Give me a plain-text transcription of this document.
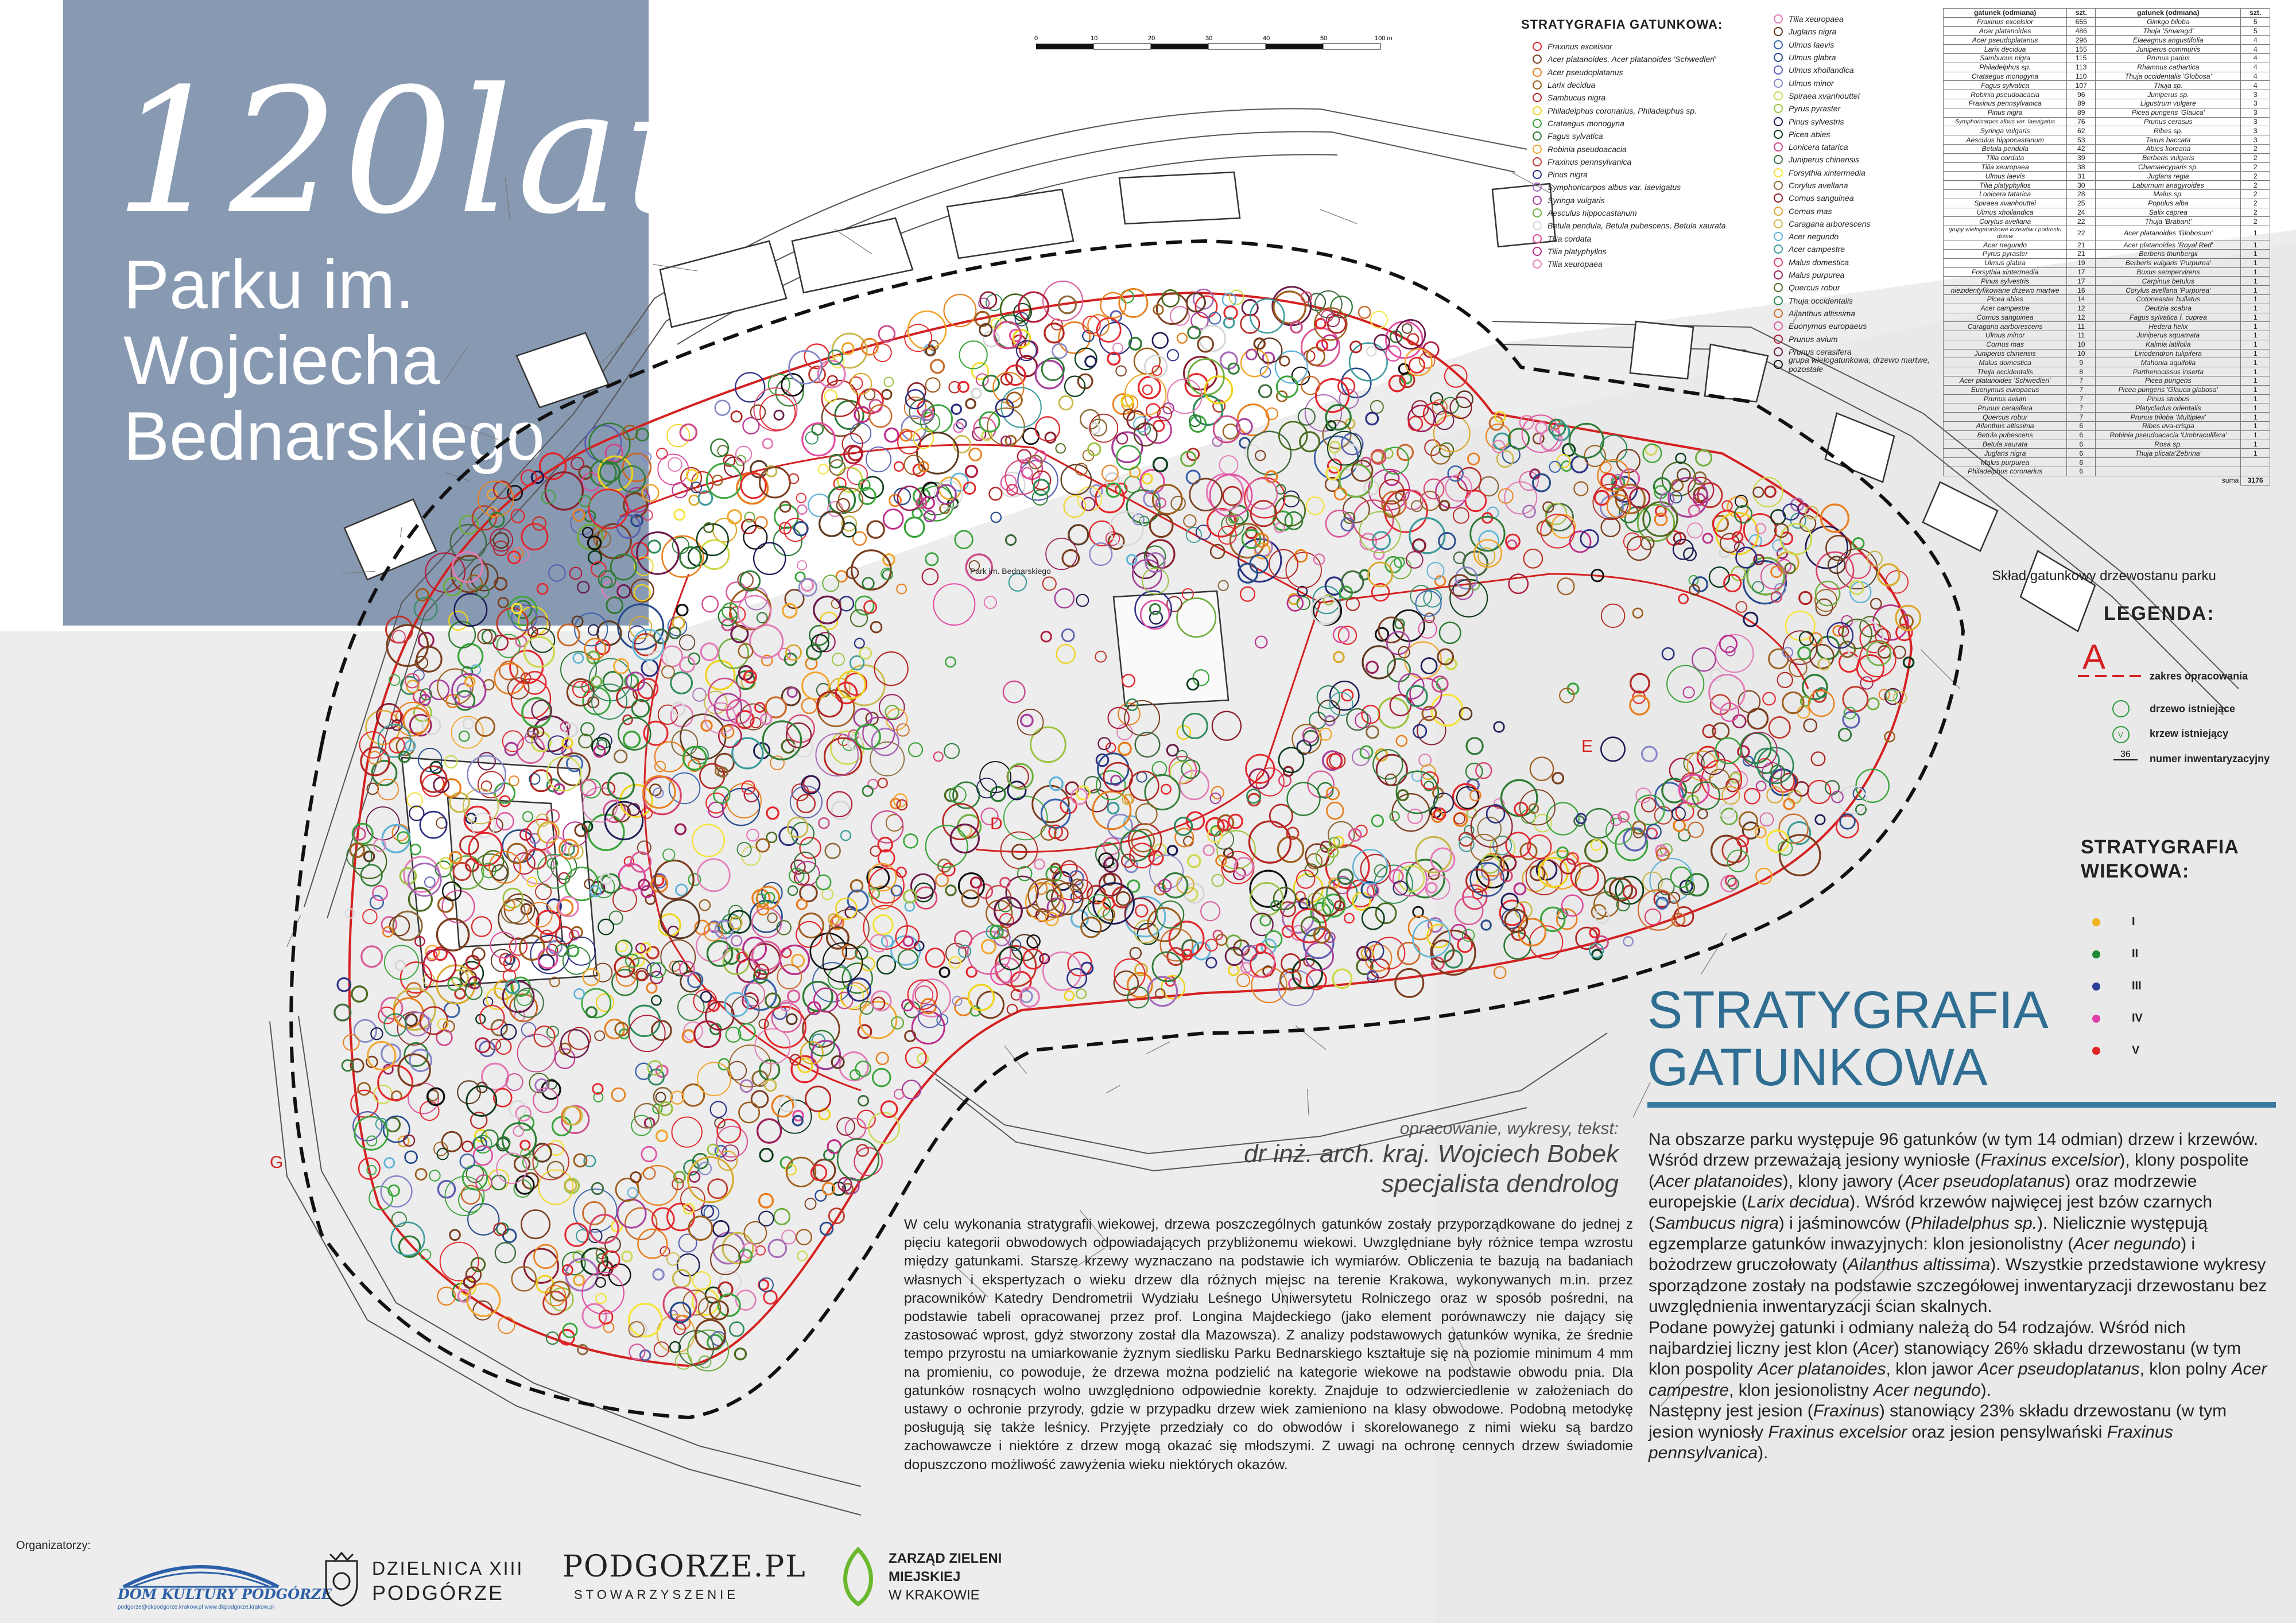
120lat
Parku im.
Wojciecha
Bednarskiego
D
E
G
Park im. Bednarskiego
0	10	20	30	40	50	100 m
STRATYGRAFIA GATUNKOWA:
Fraxinus excelsior
Acer platanoides, Acer platanoides 'Schwedleri'
Acer pseudoplatanus
Larix decidua
Sambucus nigra
Philadelphus coronarius, Philadelphus sp.
Crataegus monogyna
Fagus sylvatica
Robinia pseudoacacia
Fraxinus pennsylvanica
Pinus nigra
Symphoricarpos albus var. laevigatus
Syringa vulgaris
Aesculus hippocastanum
Betula pendula, Betula pubescens, Betula xaurata
Tilia cordata
Tilia platyphyllos
Tilia xeuropaea
Tilia xeuropaea
Juglans nigra
Ulmus laevis
Ulmus glabra
Ulmus xhollandica
Ulmus minor
Spiraea xvanhouttei
Pyrus pyraster
Pinus sylvestris
Picea abies
Lonicera tatarica
Juniperus chinensis
Forsythia xintermedia
Corylus avellana
Cornus sanguinea
Cornus mas
Caragana arborescens
Acer negundo
Acer campestre
Malus domestica
Malus purpurea
Quercus robur
Thuja occidentalis
Ailanthus altissima
Euonymus europaeus
Prunus avium
Prunus cerasifera
grupa wielogatunkowa, drzewo martwe, pozostałe
gatunek (odmiana)	szt.	gatunek (odmiana)	szt.
Fraxinus excelsior	655	Ginkgo biloba	5
Acer platanoides	486	Thuja 'Smaragd'	5
Acer pseudoplatanus	296	Elaeagnus angustifolia	4
Larix decidua	155	Juniperus communis	4
Sambucus nigra	115	Prunus padus	4
Philadelphus sp.	113	Rhamnus cathartica	4
Crataegus monogyna	110	Thuja occidentalis 'Globosa'	4
Fagus sylvatica	107	Thuja sp.	4
Robinia pseudoacacia	96	Juniperus sp.	3
Fraxinus pennsylvanica	89	Ligustrum vulgare	3
Pinus nigra	89	Picea pungens 'Glauca'	3
Symphoricarpos albus var. laevigatus	76	Prunus cerasus	3
Syringa vulgaris	62	Ribes sp.	3
Aesculus hippocastanum	53	Taxus baccata	3
Betula pendula	42	Abies koreana	2
Tilia cordata	39	Berberis vulgaris	2
Tilia xeuropaea	38	Chamaecyparis sp.	2
Ulmus laevis	31	Juglans regia	2
Tilia platyphyllos	30	Laburnum anagyroides	2
Lonicera tatarica	28	Malus sp.	2
Spiraea xvanhouttei	25	Populus alba	2
Ulmus xhollandica	24	Salix caprea	2
Corylus avellana	22	Thuja 'Brabant'	2
grupy wielogatunkowe krzewów i podrostu drzew	22	Acer platanoides 'Globosum'	1
Acer negundo	21	Acer platanoides 'Royal Red'	1
Pyrus pyraster	21	Berberis thunbergii	1
Ulmus glabra	19	Berberis vulgaris 'Purpurea'	1
Forsythia xintermedia	17	Buxus sempervirens	1
Pinus sylvestris	17	Carpinus betulus	1
niezidentyfikowane drzewo martwe	16	Corylus avellana 'Purpurea'	1
Picea abies	14	Cotoneaster bullatus	1
Acer campestre	12	Deutzia scabra	1
Cornus sanguinea	12	Fagus sylvatica f. cuprea	1
Caragana aarborescens	11	Hedera helix	1
Ulmus minor	11	Juniperus squamata	1
Cornus mas	10	Kalmia latifolia	1
Juniperus chinensis	10	Liriodendron tulipifera	1
Malus domestica	9	Mahonia aquifolia	1
Thuja occidentalis	8	Parthenocissus inserta	1
Acer platanoides 'Schwedleri'	7	Picea pungens	1
Euonymus europaeus	7	Picea pungens 'Glauca globosa'	1
Prunus avium	7	Pinus strobus	1
Prunus cerasifera	7	Platycladus orientalis	1
Quercus robur	7	Prunus triloba 'Multiplex'	1
Ailanthus altissima	6	Ribes uva-crispa	1
Betula pubescens	6	Robinia pseudoacacia 'Umbraculifera'	1
Betula xaurata	6	Rosa sp.	1
Juglans nigra	6	Thuja plicata'Zebrina'	1
Malus purpurea	6		
Philadelphus coronarius	6		
		suma	3176
Skład gatunkowy drzewostanu parku
LEGENDA:
A	zakres opracowania
drzewo istniejące
V	krzew istniejący
36 numer inwentaryzacyjny
STRATYGRAFIA
WIEKOWA:
I
II
III
IV
V
STRATYGRAFIA
GATUNKOWA
Na obszarze parku występuje 96 gatunków (w tym 14 odmian) drzew i krzewów. Wśród drzew przeważają jesiony wyniosłe (Fraxinus excelsior), klony pospolite (Acer platanoides), klony jawory (Acer pseudoplatanus) oraz modrzewie europejskie (Larix decidua). Wśród krzewów najwięcej jest bzów czarnych (Sambucus nigra) i jaśminowców (Philadelphus sp.). Nielicznie występują egzemplarze gatunków inwazyjnych: klon jesionolistny (Acer negundo) i bożodrzew gruczołowaty (Ailanthus altissima). Wszystkie przedstawione wykresy sporządzone zostały na podstawie szczegółowej inwentaryzacji drzewostanu bez uwzględnienia inwentaryzacji ścian skalnych.
Podane powyżej gatunki i odmiany należą do 54 rodzajów. Wśród nich najbardziej liczny jest klon (Acer) stanowiący 26% składu drzewostanu (w tym klon pospolity Acer platanoides, klon jawor Acer pseudoplatanus, klon polny Acer campestre, klon jesionolistny Acer negundo).
Następny jest jesion (Fraxinus) stanowiący 23% składu drzewostanu (w tym jesion wyniosły Fraxinus excelsior oraz jesion pensylwański Fraxinus pennsylvanica).
opracowanie, wykresy, tekst:
dr inż. arch. kraj. Wojciech Bobek
specjalista dendrolog
W celu wykonania stratygrafii wiekowej, drzewa poszczególnych gatunków zostały przyporządkowane do jednej z pięciu kategorii obwodowych odpowiadających przybliżonemu wiekowi. Uwzględniane były różnice tempa wzrostu między gatunkami. Starsze krzewy wyznaczano na podstawie ich wymiarów. Obliczenia te bazują na badaniach własnych i ekspertyzach o wieku drzew dla różnych miejsc na terenie Krakowa, wykonywanych m.in. przez pracowników Katedry Dendrometrii Wydziału Leśnego Uniwersytetu Rolniczego oraz w sposób pośredni, na podstawie tabeli opracowanej przez prof. Longina Majdeckiego (jako element porównawczy nie dający się zastosować wprost, gdyż stworzony został dla Mazowsza). Z analizy podstawowych gatunków wynika, że średnie tempo przyrostu na umiarkowanie żyznym siedlisku Parku Bednarskiego kształtuje się na poziomie minimum 4 mm na promieniu, co powoduje, że drzewa można podzielić na kategorie wiekowe na podstawie obwodu pnia. Dla gatunków rosnących wolno uwzględniono odpowiednie korekty. Znajduje to odzwierciedlenie w założeniach do ustawy o ochronie przyrody, gdzie w przypadku drzew wiek zamieniono na klasy obwodowe. Podobną metodykę posługują się także leśnicy. Przyjęte przedziały co do obwodów i skorelowanego z nimi wieku są bardzo zachowawcze i niektóre z drzew mogą okazać się młodszymi. Z uwagi na ochronę cennych drzew świadomie dopuszczono możliwość zawyżenia wieku niektórych okazów.
Organizatorzy:
DOM KULTURY PODGÓRZE
podgorze@dkpodgorze.krakow.pl www.dkpodgorze.krakow.pl
DZIELNICA XIII
PODGÓRZE
PODGORZE.PL
STOWARZYSZENIE
ZARZĄD ZIELENI
MIEJSKIEJ
W KRAKOWIE
